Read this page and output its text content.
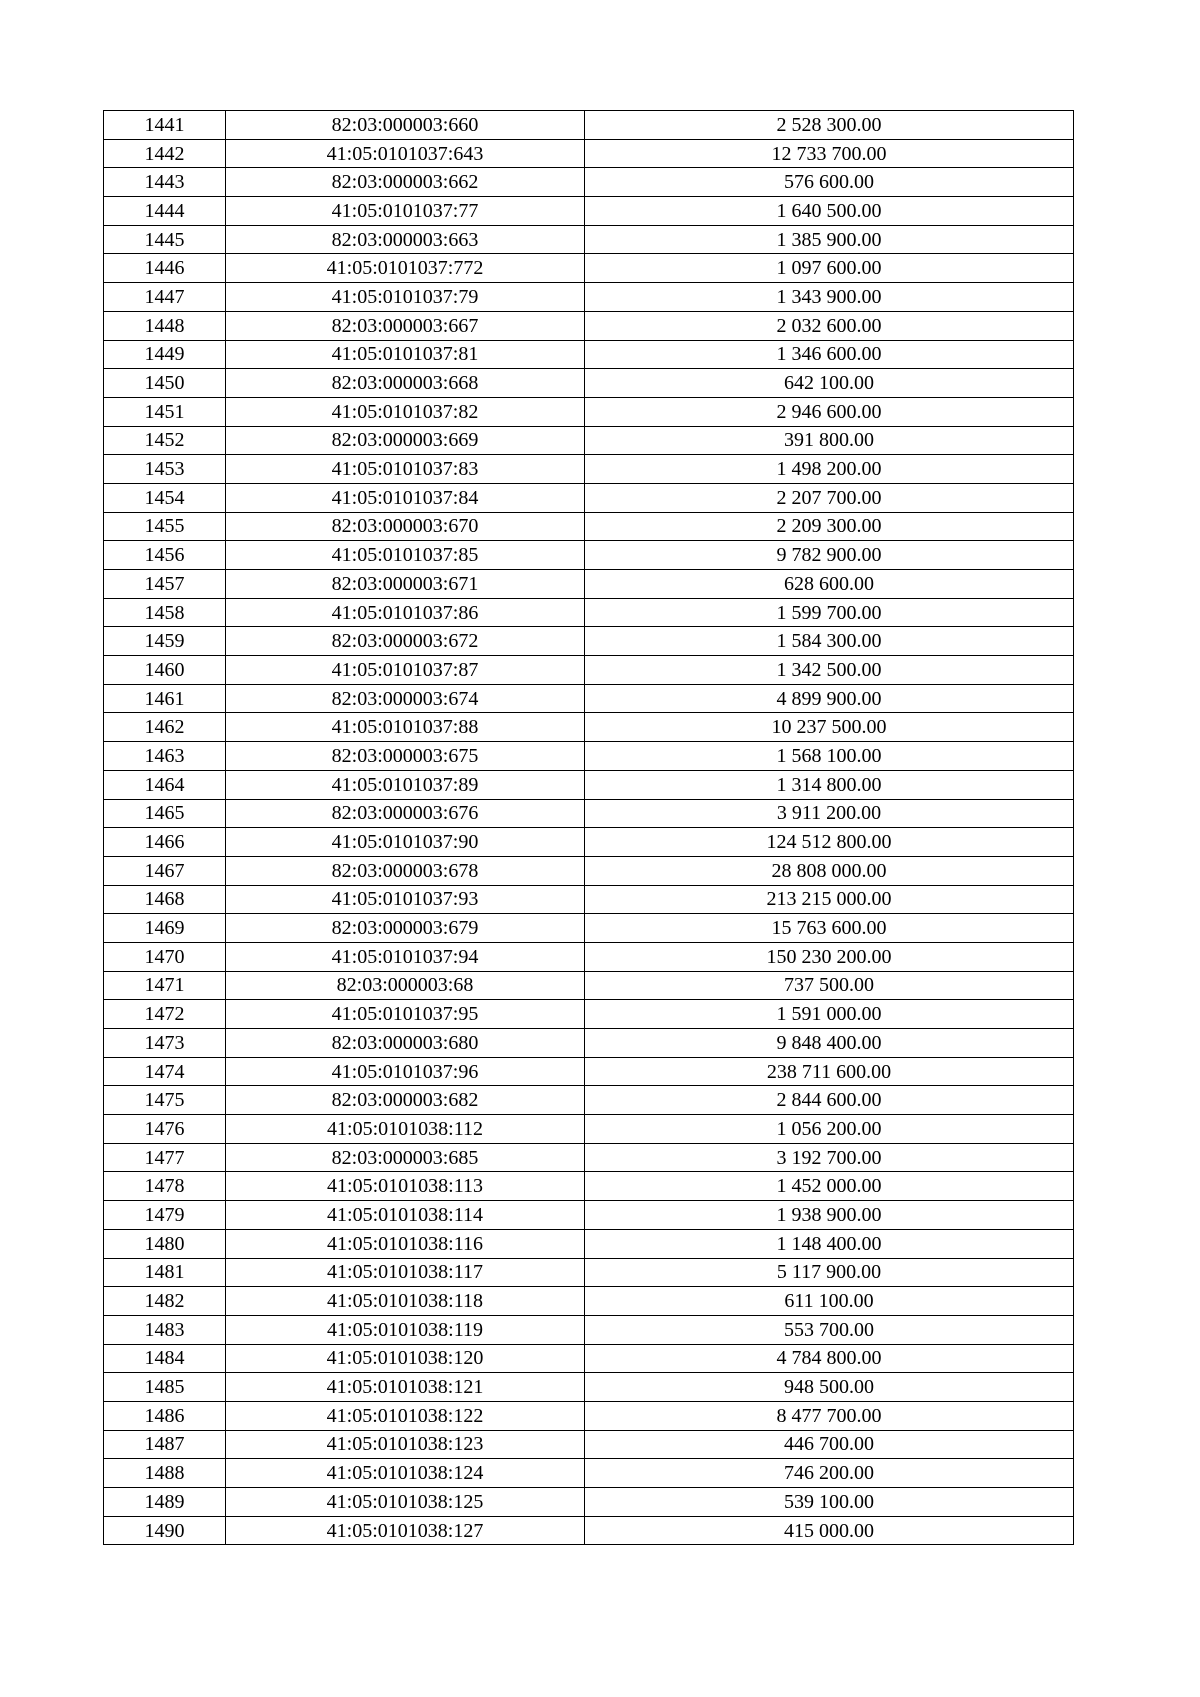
1441	82:03:000003:660	2 528 300.00
1442	41:05:0101037:643	12 733 700.00
1443	82:03:000003:662	576 600.00
1444	41:05:0101037:77	1 640 500.00
1445	82:03:000003:663	1 385 900.00
1446	41:05:0101037:772	1 097 600.00
1447	41:05:0101037:79	1 343 900.00
1448	82:03:000003:667	2 032 600.00
1449	41:05:0101037:81	1 346 600.00
1450	82:03:000003:668	642 100.00
1451	41:05:0101037:82	2 946 600.00
1452	82:03:000003:669	391 800.00
1453	41:05:0101037:83	1 498 200.00
1454	41:05:0101037:84	2 207 700.00
1455	82:03:000003:670	2 209 300.00
1456	41:05:0101037:85	9 782 900.00
1457	82:03:000003:671	628 600.00
1458	41:05:0101037:86	1 599 700.00
1459	82:03:000003:672	1 584 300.00
1460	41:05:0101037:87	1 342 500.00
1461	82:03:000003:674	4 899 900.00
1462	41:05:0101037:88	10 237 500.00
1463	82:03:000003:675	1 568 100.00
1464	41:05:0101037:89	1 314 800.00
1465	82:03:000003:676	3 911 200.00
1466	41:05:0101037:90	124 512 800.00
1467	82:03:000003:678	28 808 000.00
1468	41:05:0101037:93	213 215 000.00
1469	82:03:000003:679	15 763 600.00
1470	41:05:0101037:94	150 230 200.00
1471	82:03:000003:68	737 500.00
1472	41:05:0101037:95	1 591 000.00
1473	82:03:000003:680	9 848 400.00
1474	41:05:0101037:96	238 711 600.00
1475	82:03:000003:682	2 844 600.00
1476	41:05:0101038:112	1 056 200.00
1477	82:03:000003:685	3 192 700.00
1478	41:05:0101038:113	1 452 000.00
1479	41:05:0101038:114	1 938 900.00
1480	41:05:0101038:116	1 148 400.00
1481	41:05:0101038:117	5 117 900.00
1482	41:05:0101038:118	611 100.00
1483	41:05:0101038:119	553 700.00
1484	41:05:0101038:120	4 784 800.00
1485	41:05:0101038:121	948 500.00
1486	41:05:0101038:122	8 477 700.00
1487	41:05:0101038:123	446 700.00
1488	41:05:0101038:124	746 200.00
1489	41:05:0101038:125	539 100.00
1490	41:05:0101038:127	415 000.00
